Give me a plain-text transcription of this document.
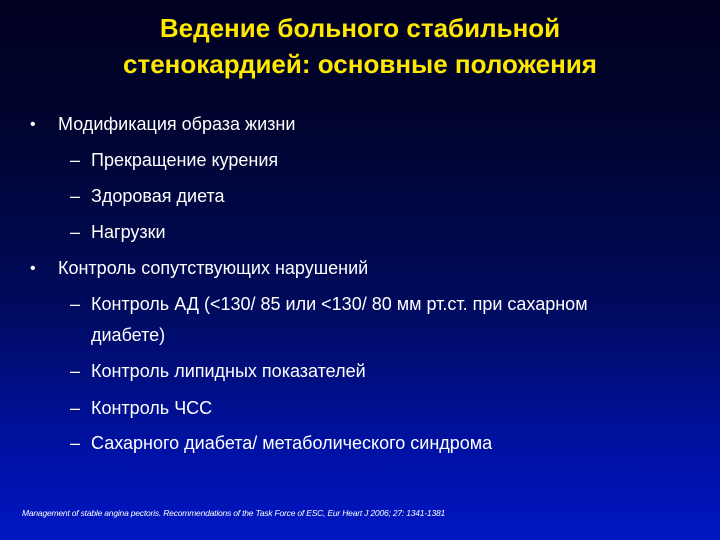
Ведение больного стабильной
стенокардией: основные положения
• Модификация образа жизни
– Прекращение курения
– Здоровая диета
– Нагрузки
• Контроль сопутствующих нарушений
– Контроль АД (<130/ 85 или <130/ 80 мм рт.ст. при сахарном
диабете)
– Контроль липидных показателей
– Контроль ЧСС
– Сахарного диабета/ метаболического синдрома
Management of stable angina pectoris. Recommendations of the Task Force of ESC, Eur Heart J 2006; 27: 1341-1381
